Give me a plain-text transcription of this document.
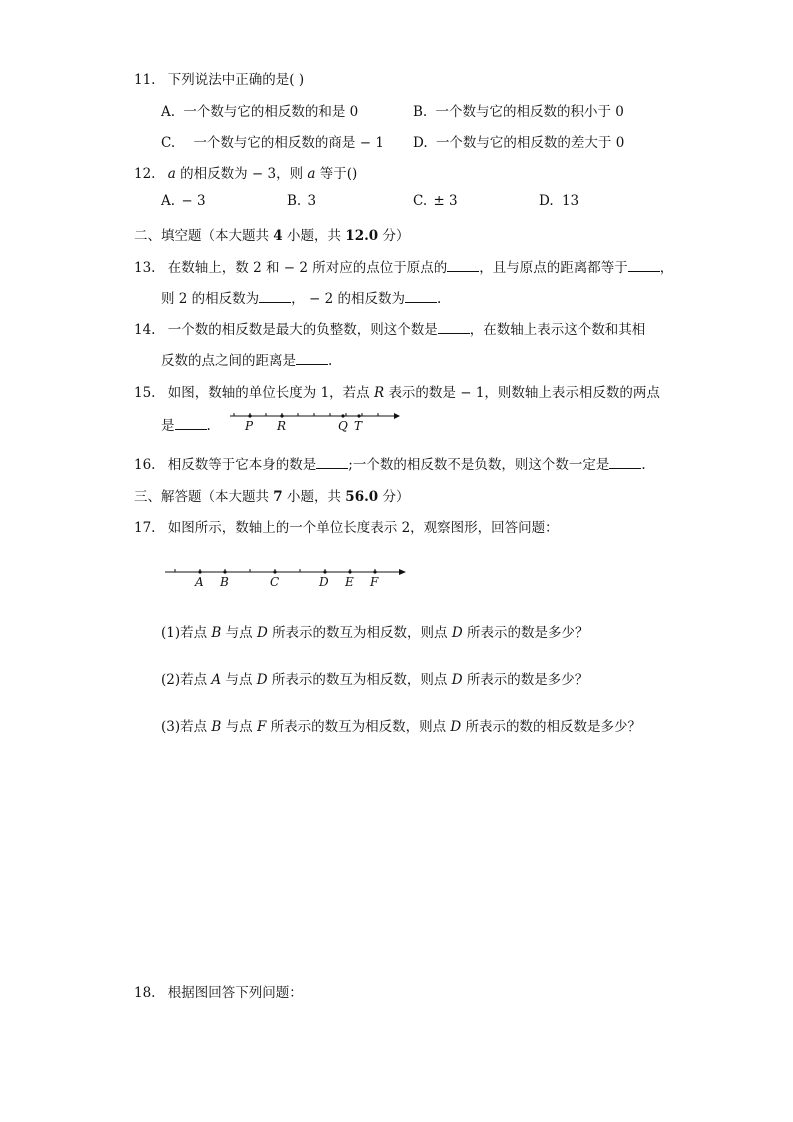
11. 下列说法中正确的是( )
A. 一个数与它的相反数的和是 0	B. 一个数与它的相反数的积小于 0
C. 一个数与它的相反数的商是 − 1 D. 一个数与它的相反数的差大于 0
12. a 的相反数为 − 3，则 a 等于()
A. − 3	B. 3	C. ± 3	D. 13
二、填空题（本大题共 4 小题，共 12.0 分）
13. 在数轴上，数 2 和 − 2 所对应的点位于原点的 ，且与原点的距离都等于 ，
则 2 的相反数为 ， − 2 的相反数为 .
14. 一个数的相反数是最大的负整数，则这个数是 ，在数轴上表示这个数和其相
反数的点之间的距离是 .
15. 如图，数轴的单位长度为 1，若点 R 表示的数是 − 1，则数轴上表示相反数的两点
是 .	P R	Q T
16. 相反数等于它本身的数是 ;一个数的相反数不是负数，则这个数一定是 .
三、解答题（本大题共 7 小题，共 56.0 分）
17. 如图所示，数轴上的一个单位长度表示 2，观察图形，回答问题：
A B	C	D E F
(1)若点 B 与点 D 所表示的数互为相反数，则点 D 所表示的数是多少？
(2)若点 A 与点 D 所表示的数互为相反数，则点 D 所表示的数是多少？
(3)若点 B 与点 F 所表示的数互为相反数，则点 D 所表示的数的相反数是多少？
18. 根据图回答下列问题：
